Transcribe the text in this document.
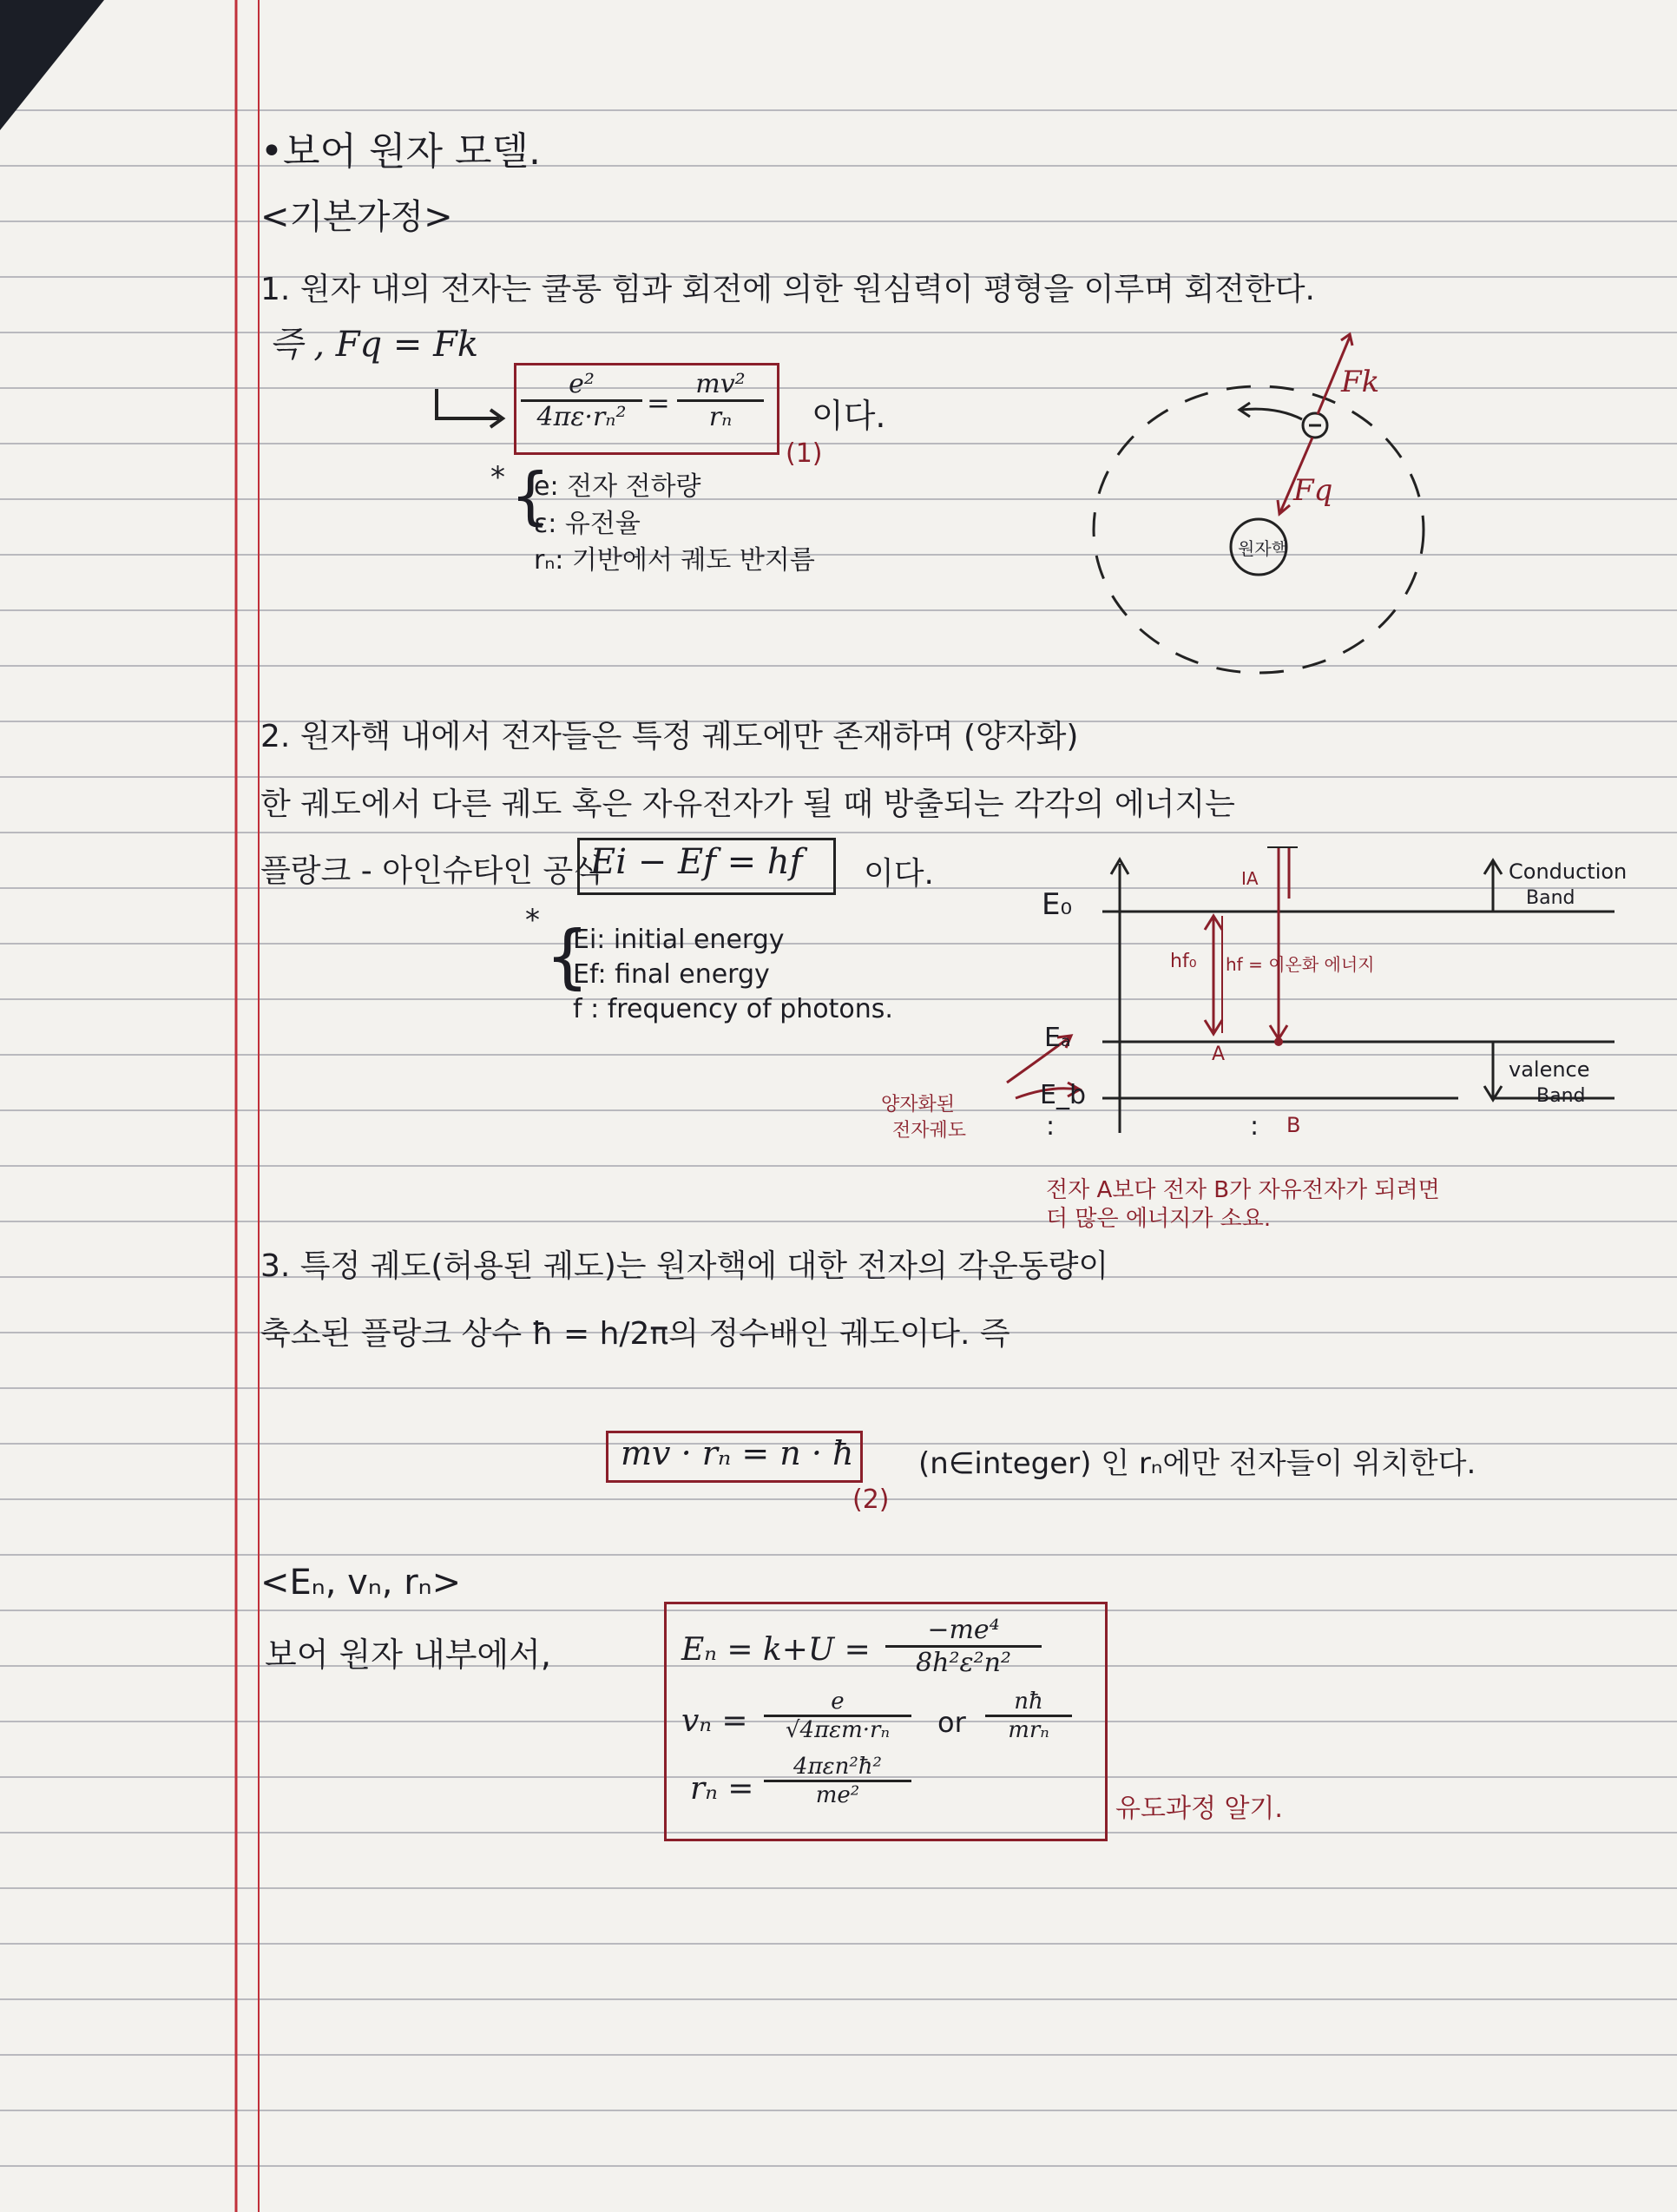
•보어 원자 모델.
<기본가정>
1. 원자 내의 전자는 쿨롱 힘과 회전에 의한 원심력이 평형을 이루며 회전한다.
즉 , Fq = Fk
$\frac{\text{e²}}{\text{4πε·rₙ²}} = \frac{\text{mv²}}{\text{rₙ}}$ 이다.
(1)
* {
e: 전자 전하량
ε: 유전율
rₙ: 기반에서 궤도 반지름
Fk
Fq
원자핵
2. 원자핵 내에서 전자들은 특정 궤도에만 존재하며 (양자화)
한 궤도에서 다른 궤도 혹은 자유전자가 될 때 방출되는 각각의 에너지는
플랑크 - 아인슈타인 공식
Ei − Ef = hf 이다.
* {
Ei: initial energy
Ef: final energy
f : frequency of photons.
E₀
Eₐ
E_b
:
hf₀ hf = 이온화 에너지
IA
A
B
:
양자화된
전자궤도
Conduction
Band
valence
Band
전자 A보다 전자 B가 자유전자가 되려면
더 많은 에너지가 소요.
3. 특정 궤도(허용된 궤도)는 원자핵에 대한 전자의 각운동량이
축소된 플랑크 상수 ħ = h/2π의 정수배인 궤도이다. 즉
mv · rₙ = n · ħ
(2)
(n∈integer) 인 rₙ에만 전자들이 위치한다.
<Eₙ, vₙ, rₙ>
보어 원자 내부에서,	$E_n = k+U = \frac{\text{−me⁴}}{\text{8h²ε²n²}}$
vₙ =
e
√4πεm·rₙ	or
nħ
mrₙ
rₙ =
4πεn²ħ²
me²	유도과정 알기.
